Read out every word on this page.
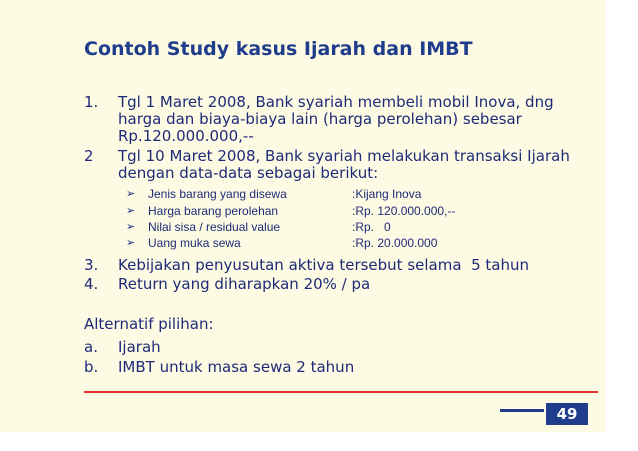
Contoh Study kasus Ijarah dan IMBT
1. Tgl 1 Maret 2008, Bank syariah membeli mobil Inova, dng
harga dan biaya-biaya lain (harga perolehan) sebesar
Rp.120.000.000,--
2 Tgl 10 Maret 2008, Bank syariah melakukan transaksi Ijarah
dengan data-data sebagai berikut:
➢ Jenis barang yang disewa	:Kijang Inova
➢ Harga barang perolehan	:Rp. 120.000.000,--
➢ Nilai sisa / residual value	:Rp.   0
➢ Uang muka sewa	:Rp. 20.000.000
3. Kebijakan penyusutan aktiva tersebut selama  5 tahun
4. Return yang diharapkan 20% / pa
Alternatif pilihan:
a. Ijarah
b. IMBT untuk masa sewa 2 tahun
49
